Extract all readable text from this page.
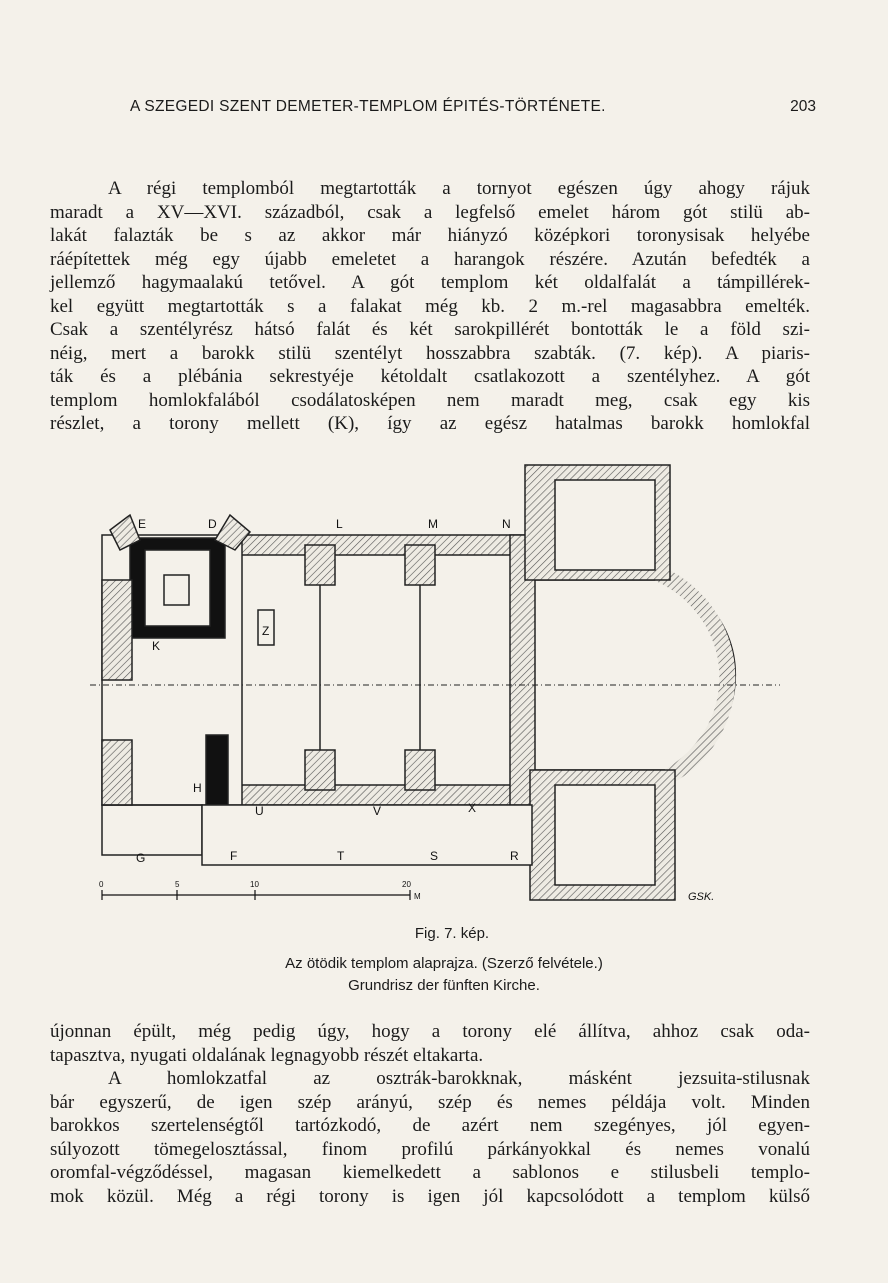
A SZEGEDI SZENT DEMETER-TEMPLOM ÉPITÉS-TÖRTÉNETE.	203
A régi templomból megtartották a tornyot egészen úgy ahogy rájuk
maradt a XV—XVI. századból, csak a legfelső emelet három gót stilü ab-
lakát falazták be s az akkor már hiányzó középkori toronysisak helyébe
ráépítettek még egy újabb emeletet a harangok részére. Azután befedték a
jellemző hagymaalakú tetővel. A gót templom két oldalfalát a támpillérek-
kel együtt megtartották s a falakat még kb. 2 m.-rel magasabbra emelték.
Csak a szentélyrész hátsó falát és két sarokpillérét bontották le a föld szi-
néig, mert a barokk stilü szentélyt hosszabbra szabták. (7. kép). A piaris-
ták és a plébánia sekrestyéje kétoldalt csatlakozott a szentélyhez. A gót
templom homlokfalából csodálatosképen nem maradt meg, csak egy kis
részlet, a torony mellett (K), így az egész hatalmas barokk homlokfal
E	D	L	M	N
Z
K
H
U	V	X
G	F	T	S	R
0	5	10	20
M	GSK.
Fig. 7. kép.
Az ötödik templom alaprajza. (Szerző felvétele.)
Grundrisz der fünften Kirche.
újonnan épült, még pedig úgy, hogy a torony elé állítva, ahhoz csak oda-
tapasztva, nyugati oldalának legnagyobb részét eltakarta.
A homlokzatfal az osztrák-barokknak, másként jezsuita-stilusnak
bár egyszerű, de igen szép arányú, szép és nemes példája volt. Minden
barokkos szertelenségtől tartózkodó, de azért nem szegényes, jól egyen-
súlyozott tömegelosztással, finom profilú párkányokkal és nemes vonalú
oromfal-végződéssel, magasan kiemelkedett a sablonos e stilusbeli templo-
mok közül. Még a régi torony is igen jól kapcsolódott a templom külső
